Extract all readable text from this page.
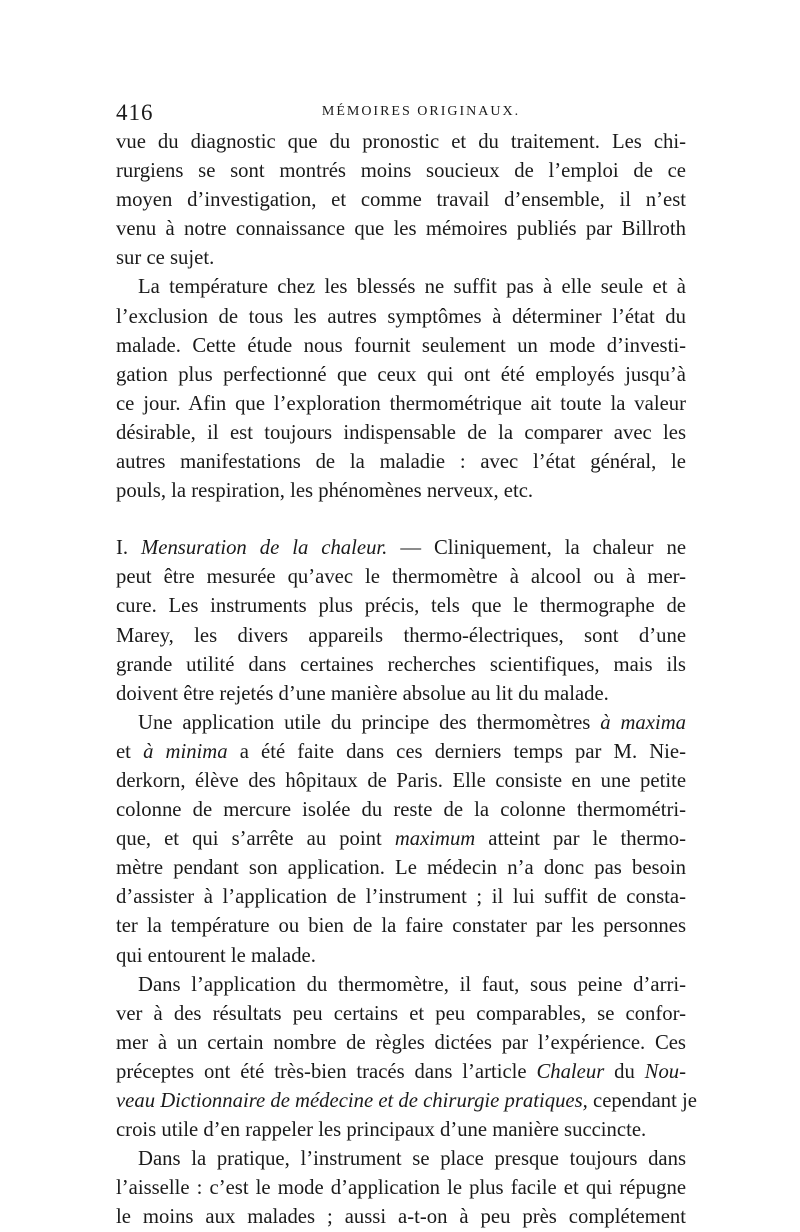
416	MÉMOIRES ORIGINAUX.
vue du diagnostic que du pronostic et du traitement. Les chi-
rurgiens se sont montrés moins soucieux de l’emploi de ce
moyen d’investigation, et comme travail d’ensemble, il n’est
venu à notre connaissance que les mémoires publiés par Billroth
sur ce sujet.
La température chez les blessés ne suffit pas à elle seule et à
l’exclusion de tous les autres symptômes à déterminer l’état du
malade. Cette étude nous fournit seulement un mode d’investi-
gation plus perfectionné que ceux qui ont été employés jusqu’à
ce jour. Afin que l’exploration thermométrique ait toute la valeur
désirable, il est toujours indispensable de la comparer avec les
autres manifestations de la maladie : avec l’état général, le
pouls, la respiration, les phénomènes nerveux, etc.
I. Mensuration de la chaleur. — Cliniquement, la chaleur ne
peut être mesurée qu’avec le thermomètre à alcool ou à mer-
cure. Les instruments plus précis, tels que le thermographe de
Marey, les divers appareils thermo-électriques, sont d’une
grande utilité dans certaines recherches scientifiques, mais ils
doivent être rejetés d’une manière absolue au lit du malade.
Une application utile du principe des thermomètres à maxima
et à minima a été faite dans ces derniers temps par M. Nie-
derkorn, élève des hôpitaux de Paris. Elle consiste en une petite
colonne de mercure isolée du reste de la colonne thermométri-
que, et qui s’arrête au point maximum atteint par le thermo-
mètre pendant son application. Le médecin n’a donc pas besoin
d’assister à l’application de l’instrument ; il lui suffit de consta-
ter la température ou bien de la faire constater par les personnes
qui entourent le malade.
Dans l’application du thermomètre, il faut, sous peine d’arri-
ver à des résultats peu certains et peu comparables, se confor-
mer à un certain nombre de règles dictées par l’expérience. Ces
préceptes ont été très-bien tracés dans l’article Chaleur du Nou-
veau Dictionnaire de médecine et de chirurgie pratiques, cependant je
crois utile d’en rappeler les principaux d’une manière succincte.
Dans la pratique, l’instrument se place presque toujours dans
l’aisselle : c’est le mode d’application le plus facile et qui répugne
le moins aux malades ; aussi a-t-on à peu près complétement
